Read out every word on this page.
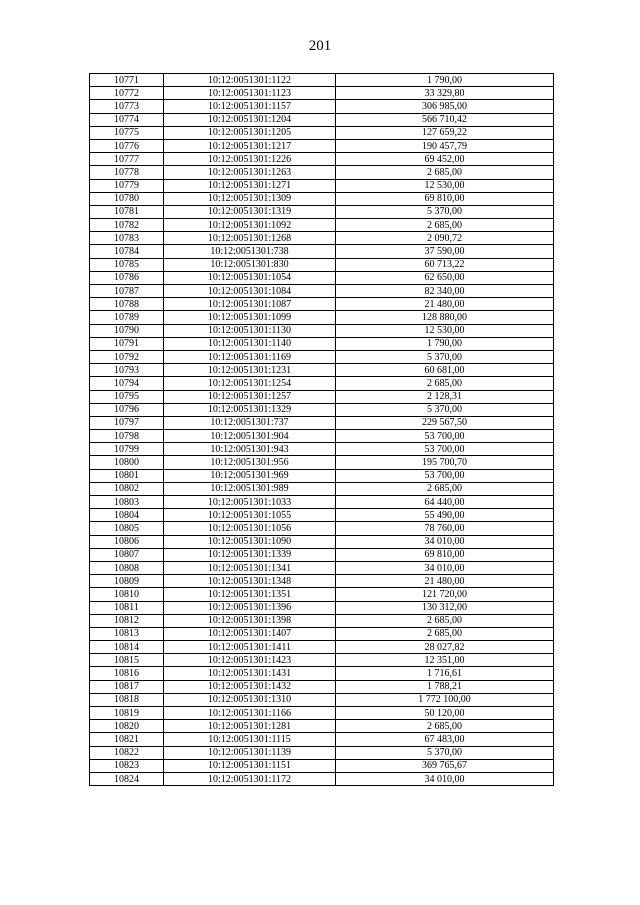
201
10771	10:12:0051301:1122	1 790,00
10772	10:12:0051301:1123	33 329,80
10773	10:12:0051301:1157	306 985,00
10774	10:12:0051301:1204	566 710,42
10775	10:12:0051301:1205	127 659,22
10776	10:12:0051301:1217	190 457,79
10777	10:12:0051301:1226	69 452,00
10778	10:12:0051301:1263	2 685,00
10779	10:12:0051301:1271	12 530,00
10780	10:12:0051301:1309	69 810,00
10781	10:12:0051301:1319	5 370,00
10782	10:12:0051301:1092	2 685,00
10783	10:12:0051301:1268	2 090,72
10784	10:12:0051301:738	37 590,00
10785	10:12:0051301:830	60 713,22
10786	10:12:0051301:1054	62 650,00
10787	10:12:0051301:1084	82 340,00
10788	10:12:0051301:1087	21 480,00
10789	10:12:0051301:1099	128 880,00
10790	10:12:0051301:1130	12 530,00
10791	10:12:0051301:1140	1 790,00
10792	10:12:0051301:1169	5 370,00
10793	10:12:0051301:1231	60 681,00
10794	10:12:0051301:1254	2 685,00
10795	10:12:0051301:1257	2 128,31
10796	10:12:0051301:1329	5 370,00
10797	10:12:0051301:737	229 567,50
10798	10:12:0051301:904	53 700,00
10799	10:12:0051301:943	53 700,00
10800	10:12:0051301:956	195 700,70
10801	10:12:0051301:969	53 700,00
10802	10:12:0051301:989	2 685,00
10803	10:12:0051301:1033	64 440,00
10804	10:12:0051301:1055	55 490,00
10805	10:12:0051301:1056	78 760,00
10806	10:12:0051301:1090	34 010,00
10807	10:12:0051301:1339	69 810,00
10808	10:12:0051301:1341	34 010,00
10809	10:12:0051301:1348	21 480,00
10810	10:12:0051301:1351	121 720,00
10811	10:12:0051301:1396	130 312,00
10812	10:12:0051301:1398	2 685,00
10813	10:12:0051301:1407	2 685,00
10814	10:12:0051301:1411	28 027,82
10815	10:12:0051301:1423	12 351,00
10816	10:12:0051301:1431	1 716,61
10817	10:12:0051301:1432	1 788,21
10818	10:12:0051301:1310	1 772 100,00
10819	10:12:0051301:1166	50 120,00
10820	10:12:0051301:1281	2 685,00
10821	10:12:0051301:1115	67 483,00
10822	10:12:0051301:1139	5 370,00
10823	10:12:0051301:1151	369 765,67
10824	10:12:0051301:1172	34 010,00
